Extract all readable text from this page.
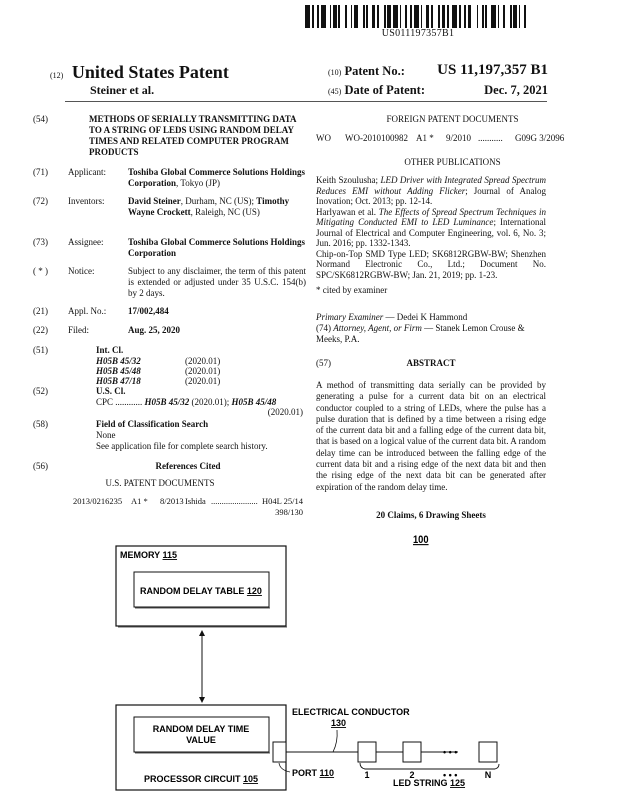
US011197357B1
(12) United States Patent
Steiner et al.
(10) Patent No.: US 11,197,357 B1
(45) Date of Patent:	Dec. 7, 2021
(54)	METHODS OF SERIALLY TRANSMITTING DATA TO A STRING OF LEDS USING RANDOM DELAY TIMES AND RELATED COMPUTER PROGRAM PRODUCTS
(71) Applicant: Toshiba Global Commerce Solutions Holdings Corporation, Tokyo (JP)
(72) Inventors:	David Steiner, Durham, NC (US); Timothy Wayne Crockett, Raleigh, NC (US)
(73) Assignee:	Toshiba Global Commerce Solutions Holdings Corporation
( * ) Notice:	Subject to any disclaimer, the term of this patent is extended or adjusted under 35 U.S.C. 154(b) by 2 days.
(21) Appl. No.: 17/002,484
(22) Filed:	Aug. 25, 2020
(51)	Int. Cl.
H05B 45/32	(2020.01)
H05B 45/48	(2020.01)
H05B 47/18	(2020.01)
(52)	U.S. Cl.
CPC ............ H05B 45/32 (2020.01); H05B 45/48
(2020.01)
(58)	Field of Classification Search
None
See application file for complete search history.
(56)	References Cited
U.S. PATENT DOCUMENTS
2013/0216235 A1 * 8/2013 Ishida ...................... H04L 25/14
398/130
FOREIGN PATENT DOCUMENTS
WO WO-2010100982 A1 * 9/2010 ........... G09G 3/2096
OTHER PUBLICATIONS
Keith Szoulusha; LED Driver with Integrated Spread Spectrum Reduces EMI without Adding Flicker; Journal of Analog Inovation; Oct. 2013; pp. 12-14.
Harlyawan et al. The Effects of Spread Spectrum Techniques in Mitigating Conducted EMI to LED Luminance; International Journal of Electrical and Computer Engineering, vol. 6, No. 3; Jun. 2016; pp. 1332-1343.
Chip-on-Top SMD Type LED; SK6812RGBW-BW; Shenzhen Normand Electronic Co., Ltd.; Document No. SPC/SK6812RGBW-BW; Jan. 21, 2019; pp. 1-23.
* cited by examiner
Primary Examiner — Dedei K Hammond
(74) Attorney, Agent, or Firm — Stanek Lemon Crouse & Meeks, P.A.
(57)	ABSTRACT
A method of transmitting data serially can be provided by generating a pulse for a current data bit on an electrical conductor coupled to a string of LEDs, where the pulse has a pulse duration that is defined by a time between a rising edge of the current data bit and a falling edge of the current data bit, that is based on a logical value of the current data bit. A random delay time can be introduced between the falling edge of the current data bit and a rising edge of the next data bit and then the rising edge of the next data bit can be generated after expiration of the random delay time.
20 Claims, 6 Drawing Sheets
100
MEMORY 115
RANDOM DELAY TABLE 120
RANDOM DELAY TIME
VALUE
PROCESSOR CIRCUIT 105
PORT 110
ELECTRICAL CONDUCTOR
130
• • •
1	2	• • •	N
LED STRING 125
